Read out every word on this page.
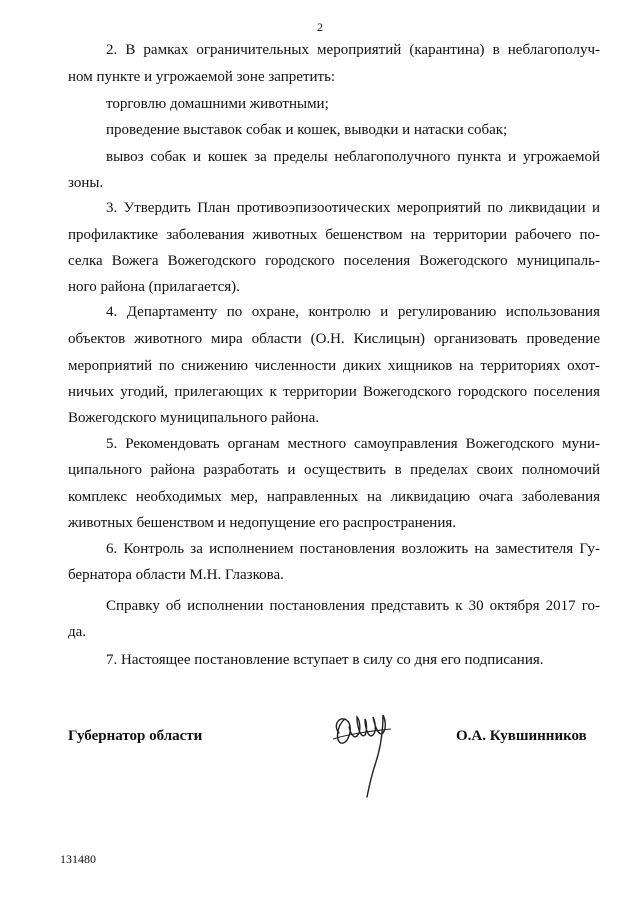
2
2. В рамках ограничительных мероприятий (карантина) в неблагополуч-
ном пункте и угрожаемой зоне запретить:
торговлю домашними животными;
проведение выставок собак и кошек, выводки и натаски собак;
вывоз собак и кошек за пределы неблагополучного пункта и угрожаемой
зоны.
3. Утвердить План противоэпизоотических мероприятий по ликвидации и
профилактике заболевания животных бешенством на территории рабочего по-
селка Вожега Вожегодского городского поселения Вожегодского муниципаль-
ного района (прилагается).
4. Департаменту по охране, контролю и регулированию использования
объектов животного мира области (О.Н. Кислицын) организовать проведение
мероприятий по снижению численности диких хищников на территориях охот-
ничьих угодий, прилегающих к территории Вожегодского городского поселения
Вожегодского муниципального района.
5. Рекомендовать органам местного самоуправления Вожегодского муни-
ципального района разработать и осуществить в пределах своих полномочий
комплекс необходимых мер, направленных на ликвидацию очага заболевания
животных бешенством и недопущение его распространения.
6. Контроль за исполнением постановления возложить на заместителя Гу-
бернатора области М.Н. Глазкова.
Справку об исполнении постановления представить к 30 октября 2017 го-
да.
7. Настоящее постановление вступает в силу со дня его подписания.
Губернатор области	О.А. Кувшинников
131480
